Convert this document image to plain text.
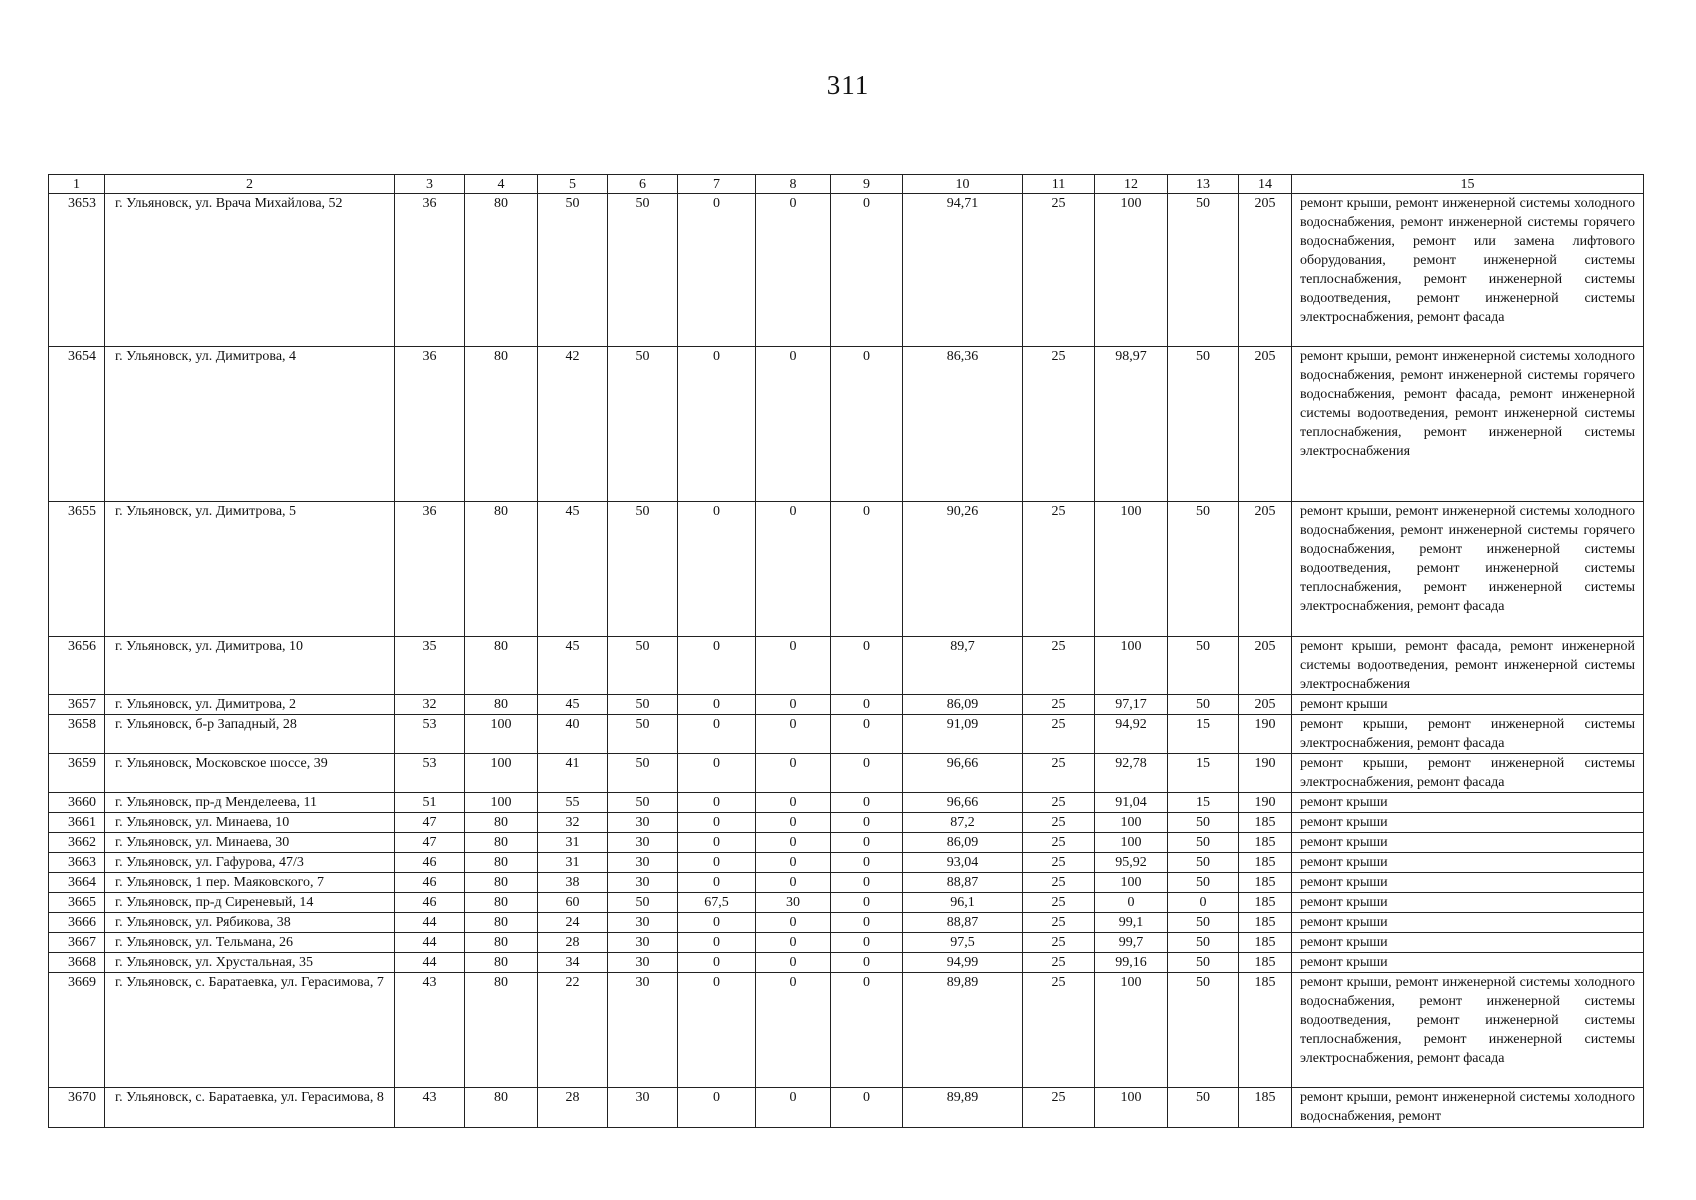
311
1	2	3	4	5	6	7	8	9	10	11	12	13	14	15
3653	г. Ульяновск, ул. Врача Михайлова, 52	36	80	50	50	0	0	0	94,71	25	100	50	205	ремонт крыши, ремонт инженерной системы холодного водоснабжения, ремонт инженерной системы горячего водоснабжения, ремонт или замена лифтового оборудования, ремонт инженерной системы теплоснабжения, ремонт инженерной системы водоотведения, ремонт инженерной системы электроснабжения, ремонт фасада
3654	г. Ульяновск, ул. Димитрова, 4	36	80	42	50	0	0	0	86,36	25	98,97	50	205	ремонт крыши, ремонт инженерной системы холодного водоснабжения, ремонт инженерной системы горячего водоснабжения, ремонт фасада, ремонт инженерной системы водоотведения, ремонт инженерной системы теплоснабжения, ремонт инженерной системы электроснабжения
3655	г. Ульяновск, ул. Димитрова, 5	36	80	45	50	0	0	0	90,26	25	100	50	205	ремонт крыши, ремонт инженерной системы холодного водоснабжения, ремонт инженерной системы горячего водоснабжения, ремонт инженерной системы водоотведения, ремонт инженерной системы теплоснабжения, ремонт инженерной системы электроснабжения, ремонт фасада
3656	г. Ульяновск, ул. Димитрова, 10	35	80	45	50	0	0	0	89,7	25	100	50	205	ремонт крыши, ремонт фасада, ремонт инженерной системы водоотведения, ремонт инженерной системы электроснабжения
3657	г. Ульяновск, ул. Димитрова, 2	32	80	45	50	0	0	0	86,09	25	97,17	50	205	ремонт крыши
3658	г. Ульяновск, б-р Западный, 28	53	100	40	50	0	0	0	91,09	25	94,92	15	190	ремонт крыши, ремонт инженерной системы электроснабжения, ремонт фасада
3659	г. Ульяновск, Московское шоссе, 39	53	100	41	50	0	0	0	96,66	25	92,78	15	190	ремонт крыши, ремонт инженерной системы электроснабжения, ремонт фасада
3660	г. Ульяновск, пр-д Менделеева, 11	51	100	55	50	0	0	0	96,66	25	91,04	15	190	ремонт крыши
3661	г. Ульяновск, ул. Минаева, 10	47	80	32	30	0	0	0	87,2	25	100	50	185	ремонт крыши
3662	г. Ульяновск, ул. Минаева, 30	47	80	31	30	0	0	0	86,09	25	100	50	185	ремонт крыши
3663	г. Ульяновск, ул. Гафурова, 47/3	46	80	31	30	0	0	0	93,04	25	95,92	50	185	ремонт крыши
3664	г. Ульяновск, 1 пер. Маяковского, 7	46	80	38	30	0	0	0	88,87	25	100	50	185	ремонт крыши
3665	г. Ульяновск, пр-д Сиреневый, 14	46	80	60	50	67,5	30	0	96,1	25	0	0	185	ремонт крыши
3666	г. Ульяновск, ул. Рябикова, 38	44	80	24	30	0	0	0	88,87	25	99,1	50	185	ремонт крыши
3667	г. Ульяновск, ул. Тельмана, 26	44	80	28	30	0	0	0	97,5	25	99,7	50	185	ремонт крыши
3668	г. Ульяновск, ул. Хрустальная, 35	44	80	34	30	0	0	0	94,99	25	99,16	50	185	ремонт крыши
3669	г. Ульяновск, с. Баратаевка, ул. Герасимова, 7	43	80	22	30	0	0	0	89,89	25	100	50	185	ремонт крыши, ремонт инженерной системы холодного водоснабжения, ремонт инженерной системы водоотведения, ремонт инженерной системы теплоснабжения, ремонт инженерной системы электроснабжения, ремонт фасада
3670	г. Ульяновск, с. Баратаевка, ул. Герасимова, 8	43	80	28	30	0	0	0	89,89	25	100	50	185	ремонт крыши, ремонт инженерной системы холодного водоснабжения, ремонт
